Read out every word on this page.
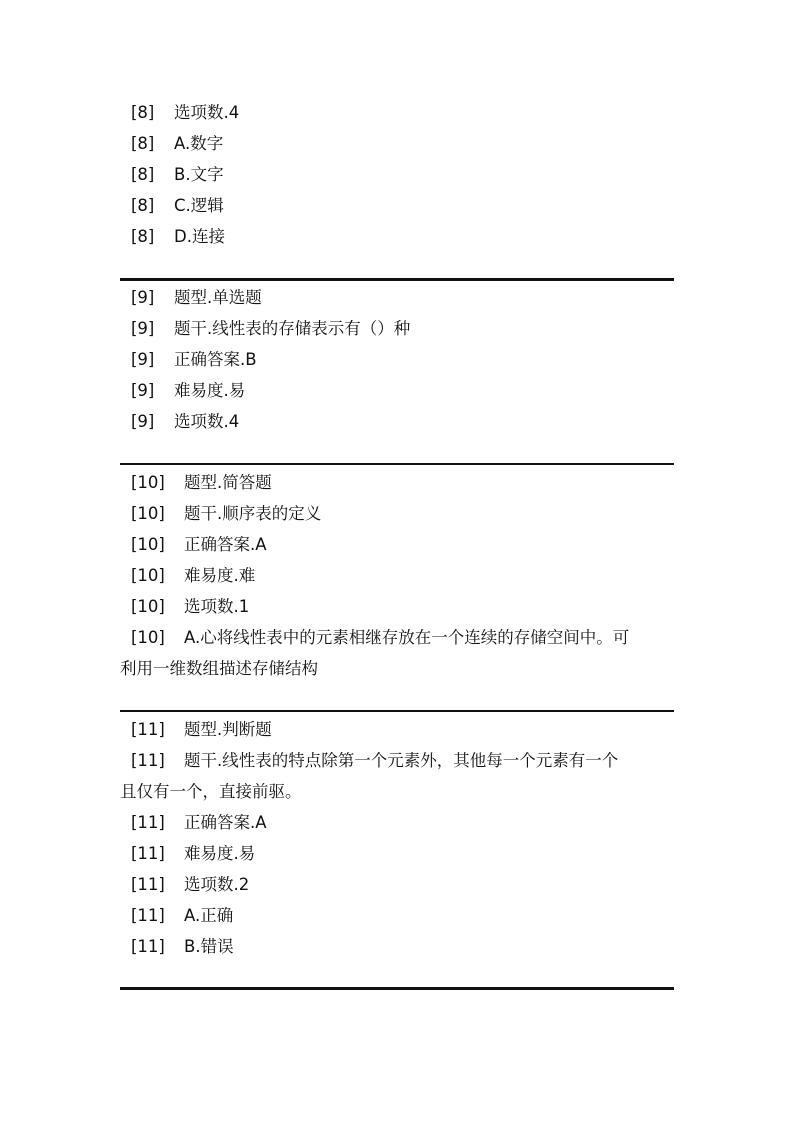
[8] 选项数.4
[8] A.数字
[8] B.文字
[8] C.逻辑
[8] D.连接
[9] 题型.单选题
[9] 题干.线性表的存储表示有（）种
[9] 正确答案.B
[9] 难易度.易
[9] 选项数.4
[10] 题型.简答题
[10] 题干.顺序表的定义
[10] 正确答案.A
[10] 难易度.难
[10] 选项数.1
[10] A.心将线性表中的元素相继存放在一个连续的存储空间中。可
利用一维数组描述存储结构
[11] 题型.判断题
[11] 题干.线性表的特点除第一个元素外，其他每一个元素有一个
且仅有一个，直接前驱。
[11] 正确答案.A
[11] 难易度.易
[11] 选项数.2
[11] A.正确
[11] B.错误
